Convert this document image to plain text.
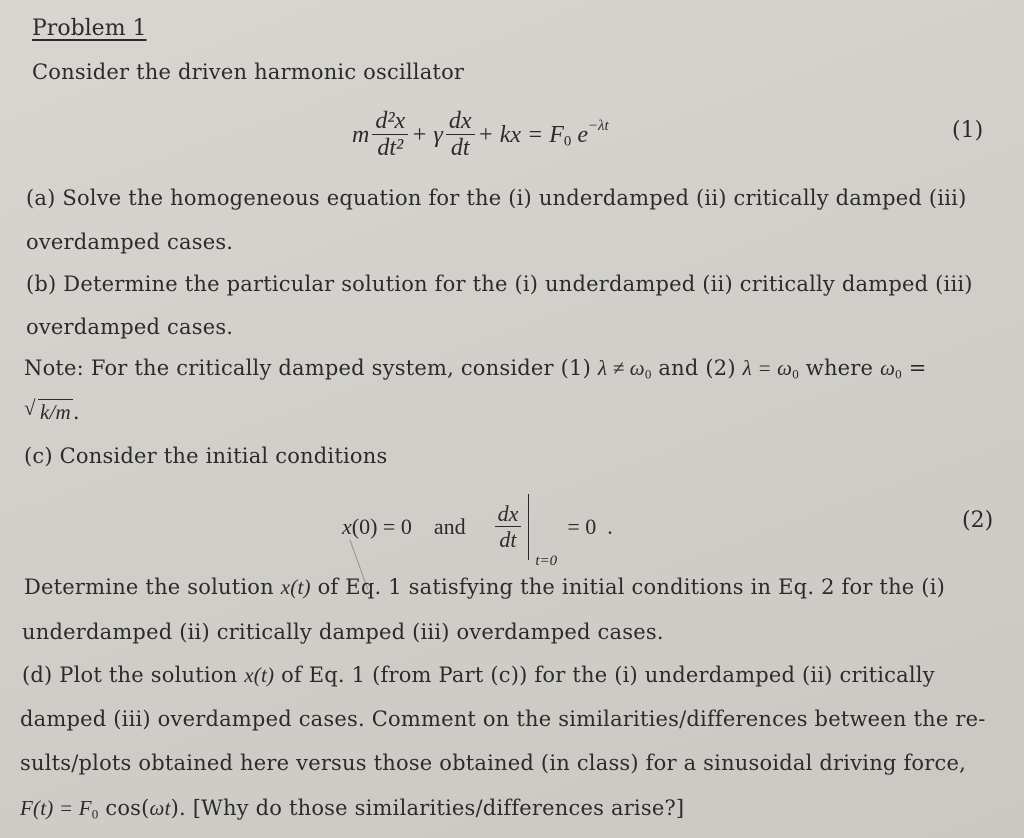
Problem 1
Consider the driven harmonic oscillator
m $\frac{\text{d²x}}{\text{dt²}} + \gamma \frac{dx}{dt}$ + kx = $F_0$ $e^{-\lambda t}$	(1)
(a) Solve the homogeneous equation for the (i) underdamped (ii) critically damped (iii)
overdamped cases.
(b) Determine the particular solution for the (i) underdamped (ii) critically damped (iii)
overdamped cases.
Note: For the critically damped system, consider (1) $\lambda \ne \omega_0$ and (2) $\lambda = \omega_0$ where $\omega_0$ =
√ k/m.
(c) Consider the initial conditions
x (0) = 0 and $\frac{dx}{dt}$
t=0
= 0  .	(2)
Determine the solution x(t) of Eq. 1 satisfying the initial conditions in Eq. 2 for the (i)
underdamped (ii) critically damped (iii) overdamped cases.
(d) Plot the solution x(t) of Eq. 1 (from Part (c)) for the (i) underdamped (ii) critically
damped (iii) overdamped cases. Comment on the similarities/differences between the re-
sults/plots obtained here versus those obtained (in class) for a sinusoidal driving force,
$F(t) = F_0$ cos(ωt). [Why do those similarities/differences arise?]
